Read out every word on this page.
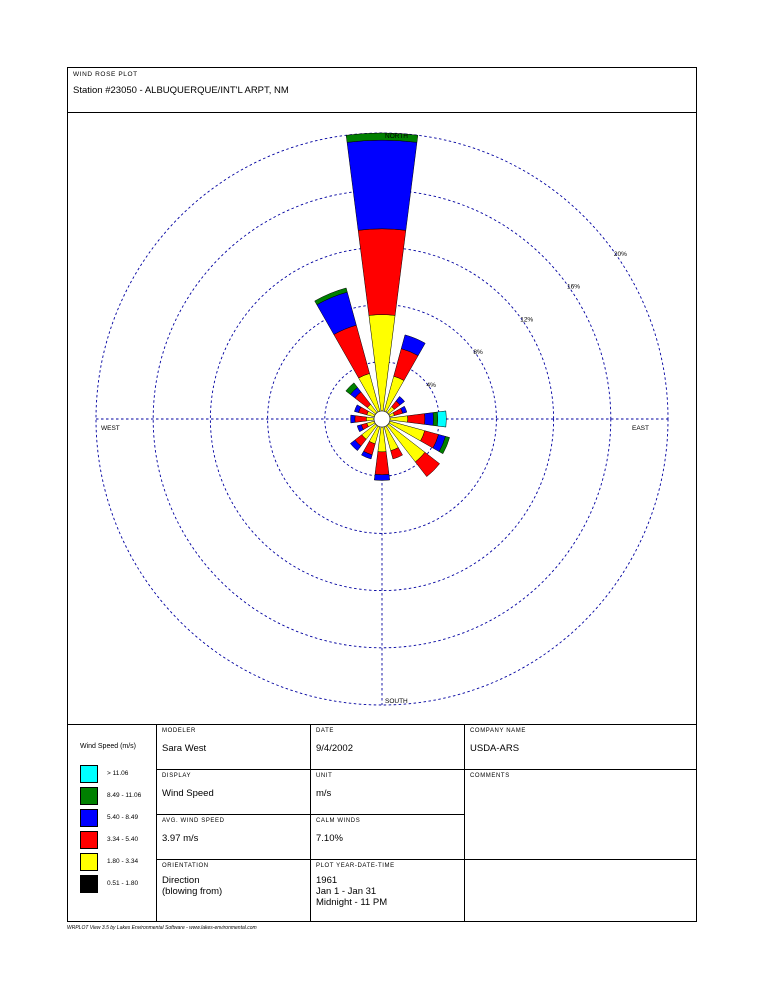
WIND ROSE PLOT
Station #23050 - ALBUQUERQUE/INT'L ARPT, NM
4%
8%
12%
16%
20%
NORTH
SOUTH
EAST
WEST
Wind Speed (m/s)
> 11.06
8.49 - 11.06
5.40 - 8.49
3.34 - 5.40
1.80 - 3.34
0.51 - 1.80
MODELER
Sara West
DATE
9/4/2002
COMPANY NAME
USDA-ARS
DISPLAY
Wind Speed
UNIT
m/s
COMMENTS
AVG. WIND SPEED
3.97 m/s
CALM WINDS
7.10%
ORIENTATION
Direction
(blowing from)
PLOT YEAR-DATE-TIME
1961
Jan 1 - Jan 31
Midnight - 11 PM
WRPLOT View 3.5 by Lakes Environmental Software - www.lakes-environmental.com
